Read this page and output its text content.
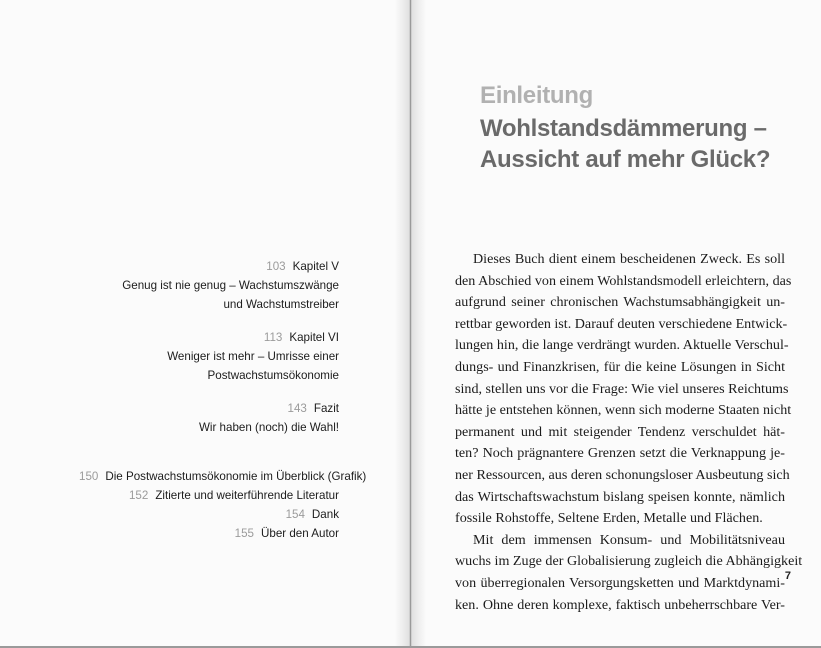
103 Kapitel V
Genug ist nie genug – Wachstumszwänge
und Wachstumstreiber
113 Kapitel VI
Weniger ist mehr – Umrisse einer
Postwachstumsökonomie
143 Fazit
Wir haben (noch) die Wahl!
150 Die Postwachstumsökonomie im Überblick (Grafik)
152 Zitierte und weiterführende Literatur
154 Dank
155 Über den Autor
Einleitung
Wohlstandsdämmerung –
Aussicht auf mehr Glück?
Dieses Buch dient einem bescheidenen Zweck. Es soll
den Abschied von einem Wohlstandsmodell erleichtern, das
aufgrund seiner chronischen Wachstumsabhängigkeit un-
rettbar geworden ist. Darauf deuten verschiedene Entwick-
lungen hin, die lange verdrängt wurden. Aktuelle Verschul-
dungs- und Finanzkrisen, für die keine Lösungen in Sicht
sind, stellen uns vor die Frage: Wie viel unseres Reichtums
hätte je entstehen können, wenn sich moderne Staaten nicht
permanent und mit steigender Tendenz verschuldet hät-
ten? Noch prägnantere Grenzen setzt die Verknappung je-
ner Ressourcen, aus deren schonungsloser Ausbeutung sich
das Wirtschaftswachstum bislang speisen konnte, nämlich
fossile Rohstoffe, Seltene Erden, Metalle und Flächen.
Mit dem immensen Konsum- und Mobilitätsniveau
wuchs im Zuge der Globalisierung zugleich die Abhängigkeit
von überregionalen Versorgungsketten und Marktdynami-
ken. Ohne deren komplexe, faktisch unbeherrschbare Ver-
7
